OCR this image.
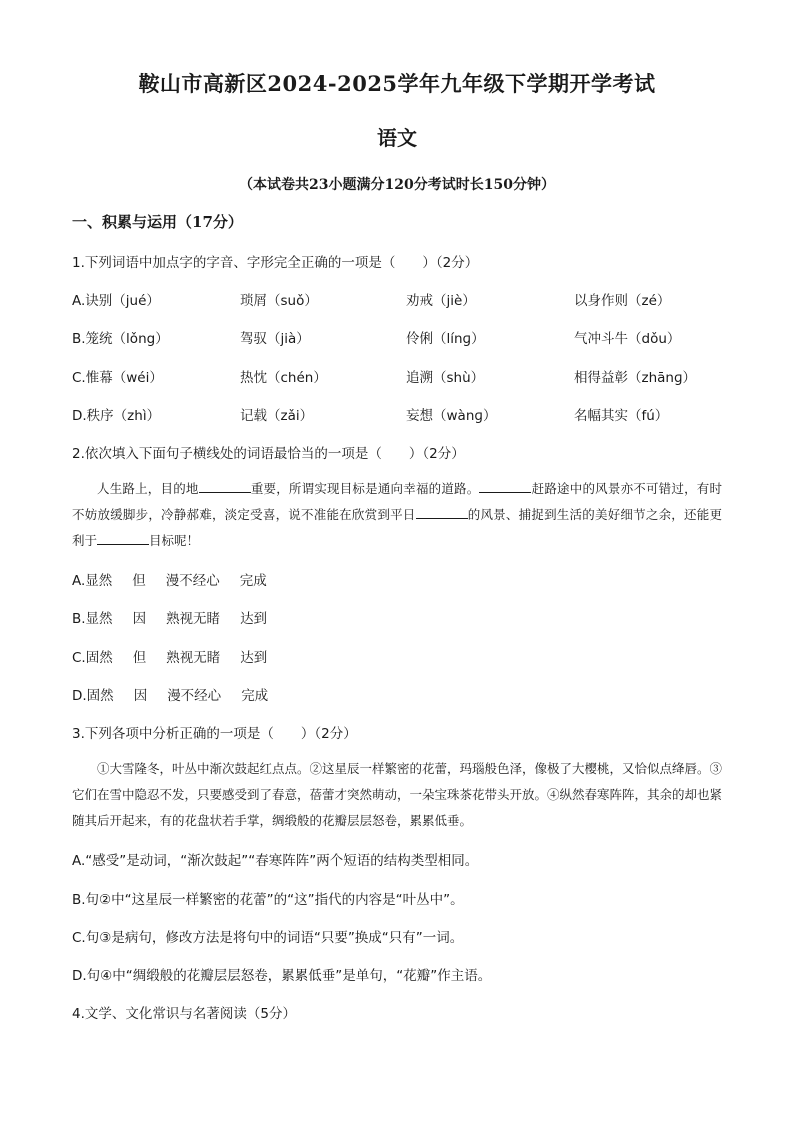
鞍山市高新区2024-2025学年九年级下学期开学考试
语文
（本试卷共23小题满分120分考试时长150分钟）
一、积累与运用（17分）
1.下列词语中加点字的字音、字形完全正确的一项是（　　）（2分）
A.诀别（jué）	琐屑（suǒ）	劝戒（jiè）	以身作则（zé）
B.笼统（lǒng）	驾驭（jià）	伶俐（línɡ）	气冲斗牛（dǒu）
C.惟幕（wéi）	热忱（chén）	追溯（shù）	相得益彰（zhānɡ）
D.秩序（zhì）	记载（zǎi）	妄想（wànɡ）	名幅其实（fú）
2.依次填入下面句子横线处的词语最恰当的一项是（　　）（2分）
人生路上，目的地	重要，所谓实现目标是通向幸福的道路。	赶路途中的风景亦不可错过，有时不妨放缓脚步，冷静郝难，淡定受喜，说不准能在欣赏到平日	的风景、捕捉到生活的美好细节之余，还能更利于	目标呢！
A.显然 但 漫不经心 完成
B.显然 因 熟视无睹 达到
C.固然 但 熟视无睹 达到
D.固然 因 漫不经心 完成
3.下列各项中分析正确的一项是（　　）（2分）
①大雪隆冬，叶丛中渐次鼓起红点点。②这星辰一样繁密的花蕾，玛瑙般色泽，像极了大樱桃，又恰似点绛唇。③它们在雪中隐忍不发，只要感受到了春意，蓓蕾才突然萌动，一朵宝珠茶花带头开放。④纵然春寒阵阵，其余的却也紧随其后开起来，有的花盘状若手掌，绸缎般的花瓣层层怒卷，累累低垂。
A.“感受”是动词，“渐次鼓起”“春寒阵阵”两个短语的结构类型相同。
B.句②中“这星辰一样繁密的花蕾”的“这”指代的内容是“叶丛中”。
C.句③是病句，修改方法是将句中的词语“只要”换成“只有”一词。
D.句④中“绸缎般的花瓣层层怒卷，累累低垂”是单句，“花瓣”作主语。
4.文学、文化常识与名著阅读（5分）
